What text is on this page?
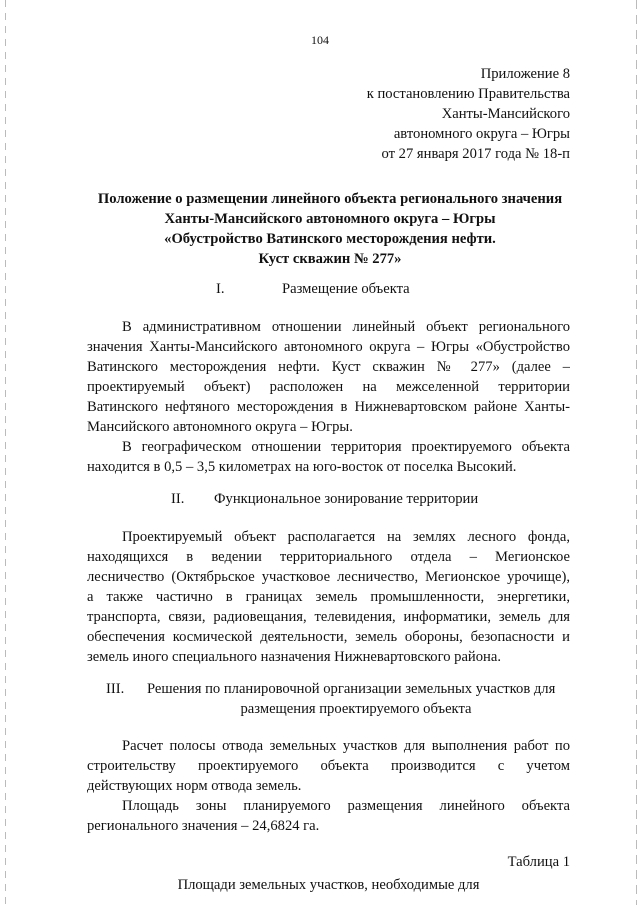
104
Приложение 8
к постановлению Правительства
Ханты-Мансийского
автономного округа – Югры
от 27 января 2017 года № 18-п
Положение о размещении линейного объекта регионального значения
Ханты-Мансийского автономного округа – Югры
«Обустройство Ватинского месторождения нефти.
Куст скважин № 277»
I.	Размещение объекта
В административном отношении линейный объект регионального
значения Ханты-Мансийского автономного округа – Югры «Обустройство
Ватинского месторождения нефти. Куст скважин № 277» (далее –
проектируемый объект) расположен на межселенной территории
Ватинского нефтяного месторождения в Нижневартовском районе Ханты-
Мансийского автономного округа – Югры.
В географическом отношении территория проектируемого объекта
находится в 0,5 – 3,5 километрах на юго-восток от поселка Высокий.
II. Функциональное зонирование территории
Проектируемый объект располагается на землях лесного фонда,
находящихся в ведении территориального отдела – Мегионское
лесничество (Октябрьское участковое лесничество, Мегионское урочище),
а также частично в границах земель промышленности, энергетики,
транспорта, связи, радиовещания, телевидения, информатики, земель для
обеспечения космической деятельности, земель обороны, безопасности и
земель иного специального назначения Нижневартовского района.
III. Решения по планировочной организации земельных участков для
размещения проектируемого объекта
Расчет полосы отвода земельных участков для выполнения работ по
строительству проектируемого объекта производится с учетом
действующих норм отвода земель.
Площадь зоны планируемого размещения линейного объекта
регионального значения – 24,6824 га.
Таблица 1
Площади земельных участков, необходимые для
